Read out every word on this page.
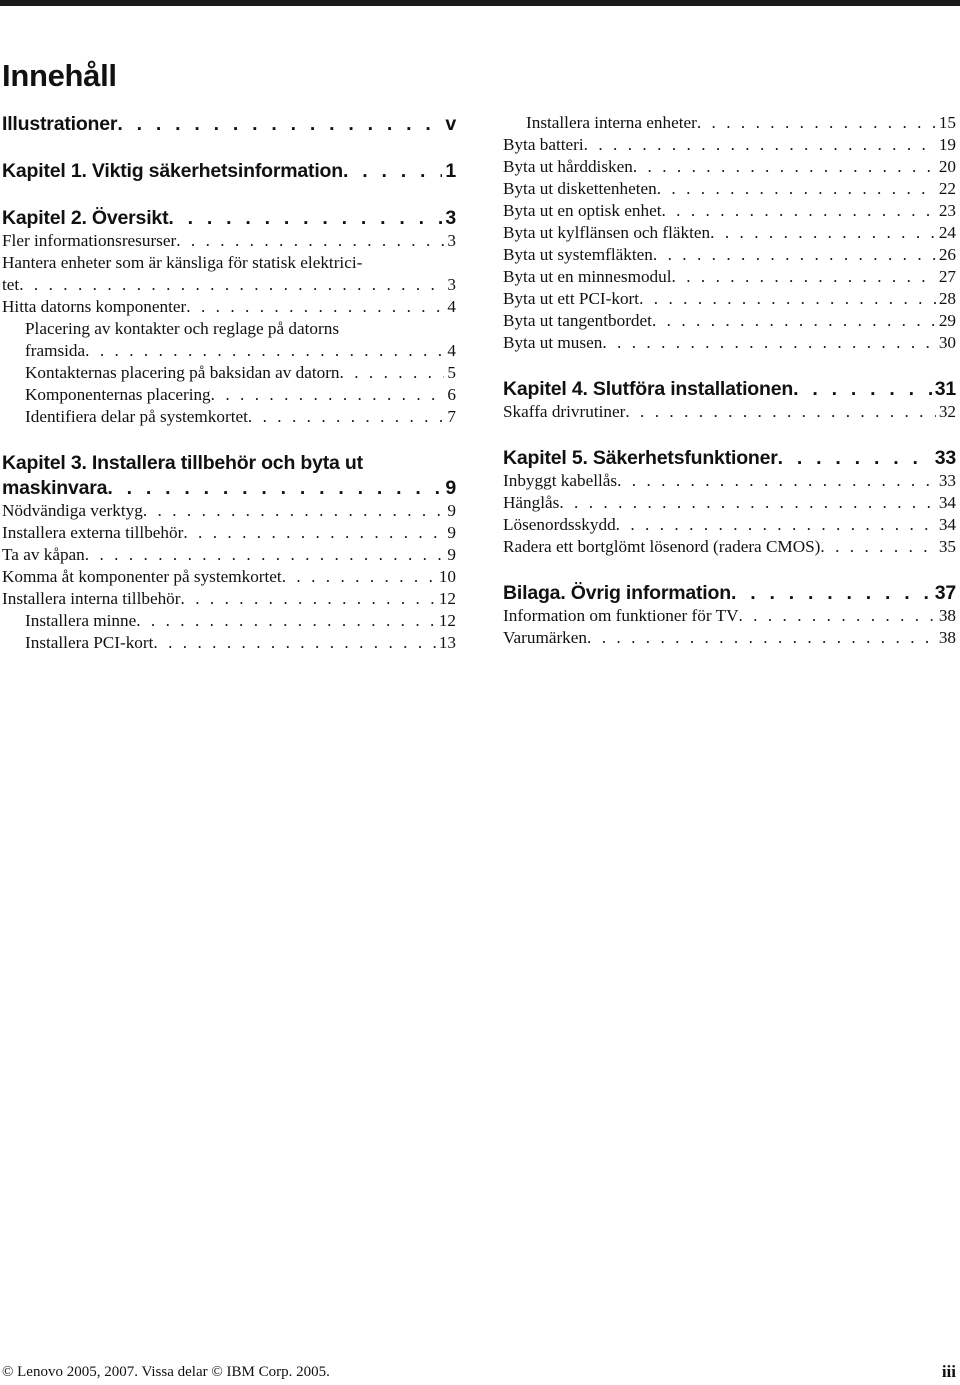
Innehåll
Illustrationer .  .	v
Kapitel 1. Viktig säkerhetsinformation .  .	1
Kapitel 2. Översikt .  .	3
Fler informationsresurser .  .	3
Hantera enheter som är känsliga för statisk elektrici-
tet .  .	3
Hitta datorns komponenter .  .	4
Placering av kontakter och reglage på datorns
framsida .  .	4
Kontakternas placering på baksidan av datorn .  .	5
Komponenternas placering .  .	6
Identifiera delar på systemkortet .  .	7
Kapitel 3. Installera tillbehör och byta ut
maskinvara .  .	9
Nödvändiga verktyg .  .	9
Installera externa tillbehör .  .	9
Ta av kåpan .  .	9
Komma åt komponenter på systemkortet .  .	10
Installera interna tillbehör .  .	12
Installera minne .  .	12
Installera PCI-kort .  .	13
Installera interna enheter .  .	15
Byta batteri .  .	19
Byta ut hårddisken .  .	20
Byta ut diskettenheten .  .	22
Byta ut en optisk enhet .  .	23
Byta ut kylflänsen och fläkten .  .	24
Byta ut systemfläkten .  .	26
Byta ut en minnesmodul .  .	27
Byta ut ett PCI-kort .  .	28
Byta ut tangentbordet .  .	29
Byta ut musen .  .	30
Kapitel 4. Slutföra installationen .  .	31
Skaffa drivrutiner .  .	32
Kapitel 5. Säkerhetsfunktioner .  .	33
Inbyggt kabellås .  .	33
Hänglås .  .	34
Lösenordsskydd .  .	34
Radera ett bortglömt lösenord (radera CMOS) .  .	35
Bilaga. Övrig information .  .	37
Information om funktioner för TV .  .	38
Varumärken .  .	38
© Lenovo 2005, 2007. Vissa delar © IBM Corp. 2005.	iii
